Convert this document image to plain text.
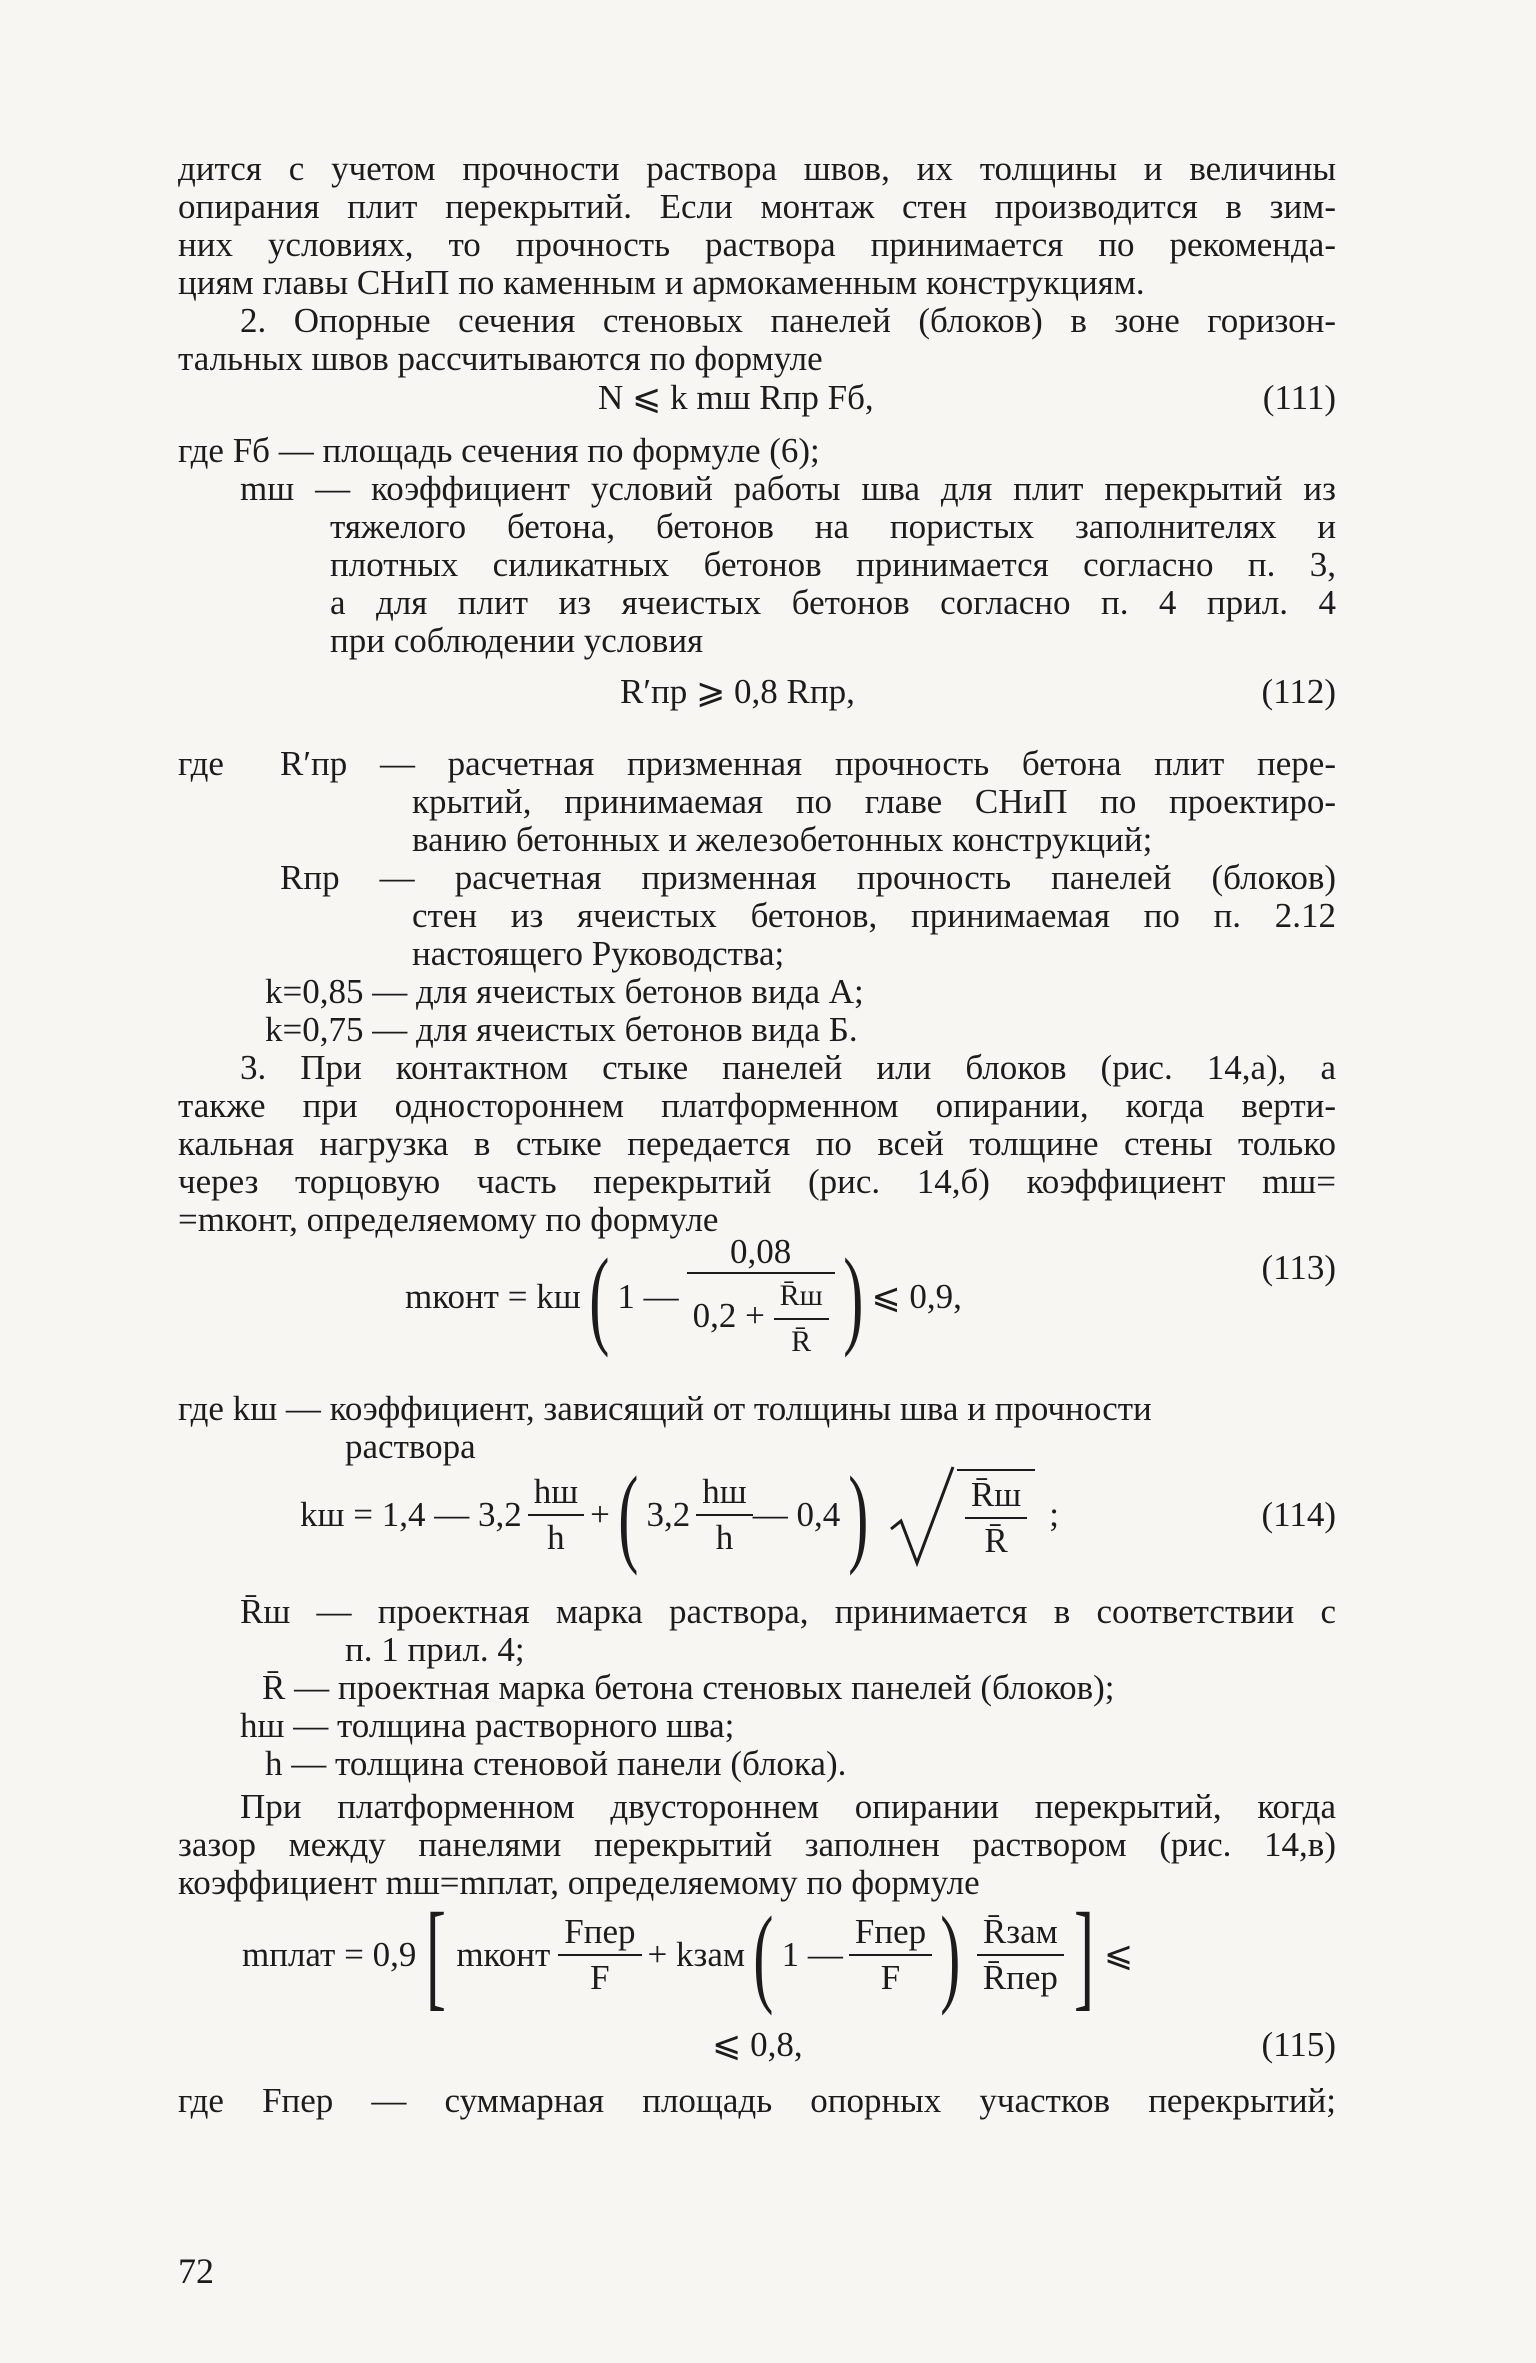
дится с учетом прочности раствора швов, их толщины и величины
опирания плит перекрытий. Если монтаж стен производится в зим-
них условиях, то прочность раствора принимается по рекоменда-
циям главы СНиП по каменным и армокаменным конструкциям.
2. Опорные сечения стеновых панелей (блоков) в зоне горизон-
тальных швов рассчитываются по формуле
N ⩽ k mш Rпр Fб,	(111)
где Fб — площадь сечения по формуле (6);
mш — коэффициент условий работы шва для плит перекрытий из
тяжелого бетона, бетонов на пористых заполнителях и
плотных силикатных бетонов принимается согласно п. 3,
а для плит из ячеистых бетонов согласно п. 4 прил. 4
при соблюдении условия
R′пр ⩾ 0,8 Rпр,	(112)
где	R′пр — расчетная призменная прочность бетона плит пере-
крытий, принимаемая по главе СНиП по проектиро-
ванию бетонных и железобетонных конструкций;
Rпр — расчетная призменная прочность панелей (блоков)
стен из ячеистых бетонов, принимаемая по п. 2.12
настоящего Руководства;
k=0,85 — для ячеистых бетонов вида А;
k=0,75 — для ячеистых бетонов вида Б.
3. При контактном стыке панелей или блоков (рис. 14,а), а
также при одностороннем платформенном опирании, когда верти-
кальная нагрузка в стыке передается по всей толщине стены только
через торцовую часть перекрытий (рис. 14,б) коэффициент mш=
=mконт, определяемому по формуле
mконт = kш ( 1 — $\frac{0,08}{0,2 + \frac{R̄ш}{R̄}}$ ) ⩽ 0,9,
(113)
где kш — коэффициент, зависящий от толщины шва и прочности
раствора
kш = 1,4 — $3,2 \frac{hш}{h}$ + ( $3,2 \frac{hш}{h}$ — 0,4 )	$\frac{R̄ш}{R̄}$ ;	(114)
R̄ш — проектная марка раствора, принимается в соответствии с
п. 1 прил. 4;
R̄ — проектная марка бетона стеновых панелей (блоков);
hш — толщина растворного шва;
h — толщина стеновой панели (блока).
При платформенном двустороннем опирании перекрытий, когда
зазор между панелями перекрытий заполнен раствором (рис. 14,в)
коэффициент mш=mплат, определяемому по формуле
mплат = 0,9 [ mконт $\frac{\text{Fпер}}{F}$ + kзам ( 1 — $\frac{\text{Fпер}}{F}$ ) $\frac{\text{R̄зам}}{\text{R̄пер}}$ ] ⩽
⩽ 0,8,	(115)
где Fпер — суммарная площадь опорных участков перекрытий;
72
